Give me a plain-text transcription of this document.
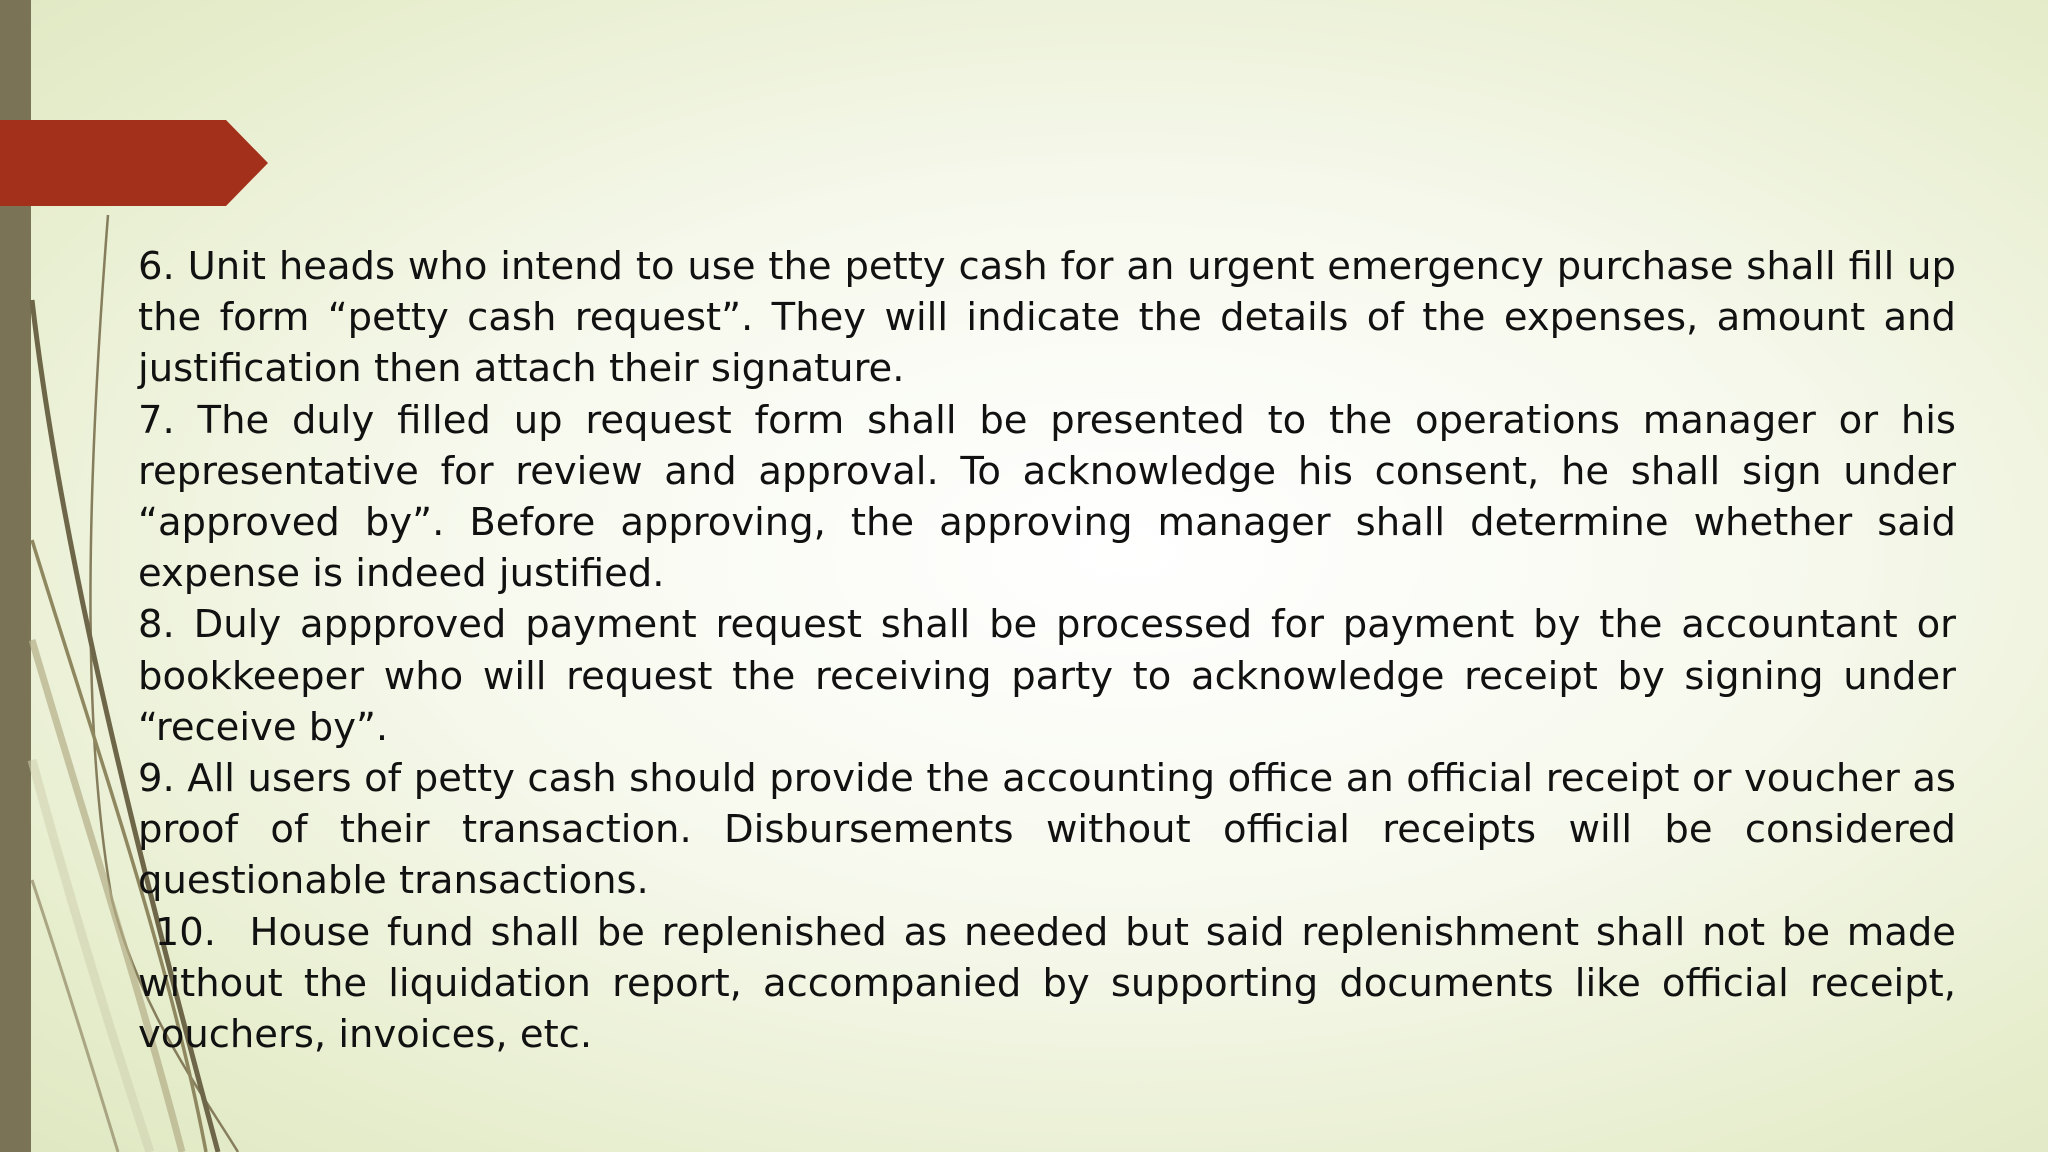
6. Unit heads who intend to use the petty cash for an urgent emergency purchase shall fill up the form “petty cash request”. They will indicate the details of the expenses, amount and justification then attach their signature.

7. The duly filled up request form shall be presented to the operations manager or his representative for review and approval. To acknowledge his consent, he shall sign under “approved by”. Before approving, the approving manager shall determine whether said expense is indeed justified.

8. Duly appproved payment request shall be processed for payment by the accountant or bookkeeper who will request the receiving party to acknowledge receipt by signing under “receive by”.

9. All users of petty cash should provide the accounting office an official receipt or voucher as proof of their transaction. Disbursements without official receipts will be considered questionable transactions.

10.  House fund shall be replenished as needed but said replenishment shall not be made without the liquidation report, accompanied by supporting documents like official receipt, vouchers, invoices, etc.
